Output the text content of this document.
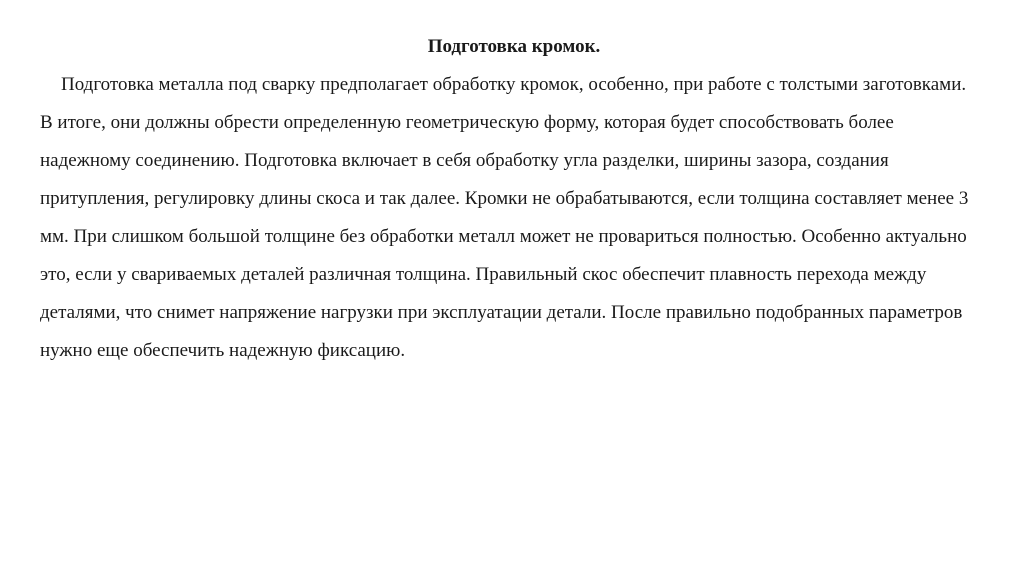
Подготовка кромок.

Подготовка металла под сварку предполагает обработку кромок, особенно, при работе с толстыми заготовками. В итоге, они должны обрести определенную геометрическую форму, которая будет способствовать более надежному соединению. Подготовка включает в себя обработку угла разделки, ширины зазора, создания притупления, регулировку длины скоса и так далее. Кромки не обрабатываются, если толщина составляет менее 3 мм. При слишком большой толщине без обработки металл может не провариться полностью. Особенно актуально это, если у свариваемых деталей различная толщина. Правильный скос обеспечит плавность перехода между деталями, что снимет напряжение нагрузки при эксплуатации детали. После правильно подобранных параметров нужно еще обеспечить надежную фиксацию.
